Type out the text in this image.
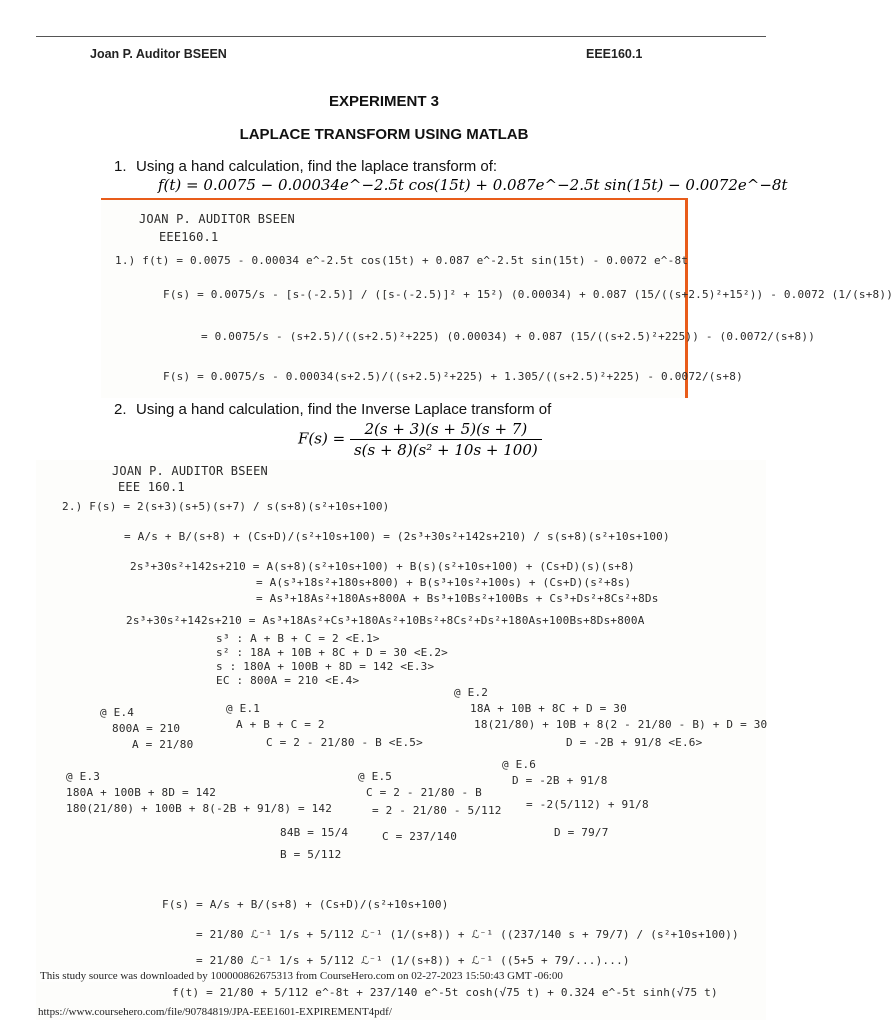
Joan P. Auditor BSEEN	EEE160.1
EXPERIMENT 3
LAPLACE TRANSFORM USING MATLAB
1. Using a hand calculation, find the laplace transform of:
f(t) = 0.0075 − 0.00034e^−2.5t cos(15t) + 0.087e^−2.5t sin(15t) − 0.0072e^−8t
JOAN P. AUDITOR BSEEN
EEE160.1
1.) f(t) = 0.0075 - 0.00034 e^-2.5t cos(15t) + 0.087 e^-2.5t sin(15t) - 0.0072 e^-8t
F(s) = 0.0075/s - [s-(-2.5)] / ([s-(-2.5)]² + 15²) (0.00034) + 0.087 (15/((s+2.5)²+15²)) - 0.0072 (1/(s+8))
= 0.0075/s - (s+2.5)/((s+2.5)²+225) (0.00034) + 0.087 (15/((s+2.5)²+225)) - (0.0072/(s+8))
F(s) = 0.0075/s - 0.00034(s+2.5)/((s+2.5)²+225) + 1.305/((s+2.5)²+225) - 0.0072/(s+8)
2. Using a hand calculation, find the Inverse Laplace transform of
$F(s) = \frac{2(s + 3)(s + 5)(s + 7)}{\text{s(s + 8)(s² + 10s + 100)}}$
JOAN P. AUDITOR BSEEN
EEE 160.1
2.) F(s) = 2(s+3)(s+5)(s+7) / s(s+8)(s²+10s+100)
= A/s + B/(s+8) + (Cs+D)/(s²+10s+100) = (2s³+30s²+142s+210) / s(s+8)(s²+10s+100)
2s³+30s²+142s+210 = A(s+8)(s²+10s+100) + B(s)(s²+10s+100) + (Cs+D)(s)(s+8)
= A(s³+18s²+180s+800) + B(s³+10s²+100s) + (Cs+D)(s²+8s)
= As³+18As²+180As+800A + Bs³+10Bs²+100Bs + Cs³+Ds²+8Cs²+8Ds
2s³+30s²+142s+210 = As³+18As²+Cs³+180As²+10Bs²+8Cs²+Ds²+180As+100Bs+8Ds+800A
s³ : A + B + C = 2 <E.1>
s² : 18A + 10B + 8C + D = 30 <E.2>
s : 180A + 100B + 8D = 142 <E.3>
EC : 800A = 210 <E.4>
@ E.2
18A + 10B + 8C + D = 30
18(21/80) + 10B + 8(2 - 21/80 - B) + D = 30
D = -2B + 91/8 <E.6>
@ E.4
800A = 210
A = 21/80
@ E.1
A + B + C = 2
C = 2 - 21/80 - B <E.5>
@ E.3
180A + 100B + 8D = 142
180(21/80) + 100B + 8(-2B + 91/8) = 142
84B = 15/4
B = 5/112
@ E.5
C = 2 - 21/80 - B
= 2 - 21/80 - 5/112
C = 237/140
@ E.6
D = -2B + 91/8
= -2(5/112) + 91/8
D = 79/7
F(s) = A/s + B/(s+8) + (Cs+D)/(s²+10s+100)
= 21/80 ℒ⁻¹ 1/s + 5/112 ℒ⁻¹ (1/(s+8)) + ℒ⁻¹ ((237/140 s + 79/7) / (s²+10s+100))
= 21/80 ℒ⁻¹ 1/s + 5/112 ℒ⁻¹ (1/(s+8)) + ℒ⁻¹ ((5+5 + 79/...)...)
f(t) = 21/80 + 5/112 e^-8t + 237/140 e^-5t cosh(√75 t) + 0.324 e^-5t sinh(√75 t)
This study source was downloaded by 100000862675313 from CourseHero.com on 02-27-2023 15:50:43 GMT -06:00
https://www.coursehero.com/file/90784819/JPA-EEE1601-EXPIREMENT4pdf/
